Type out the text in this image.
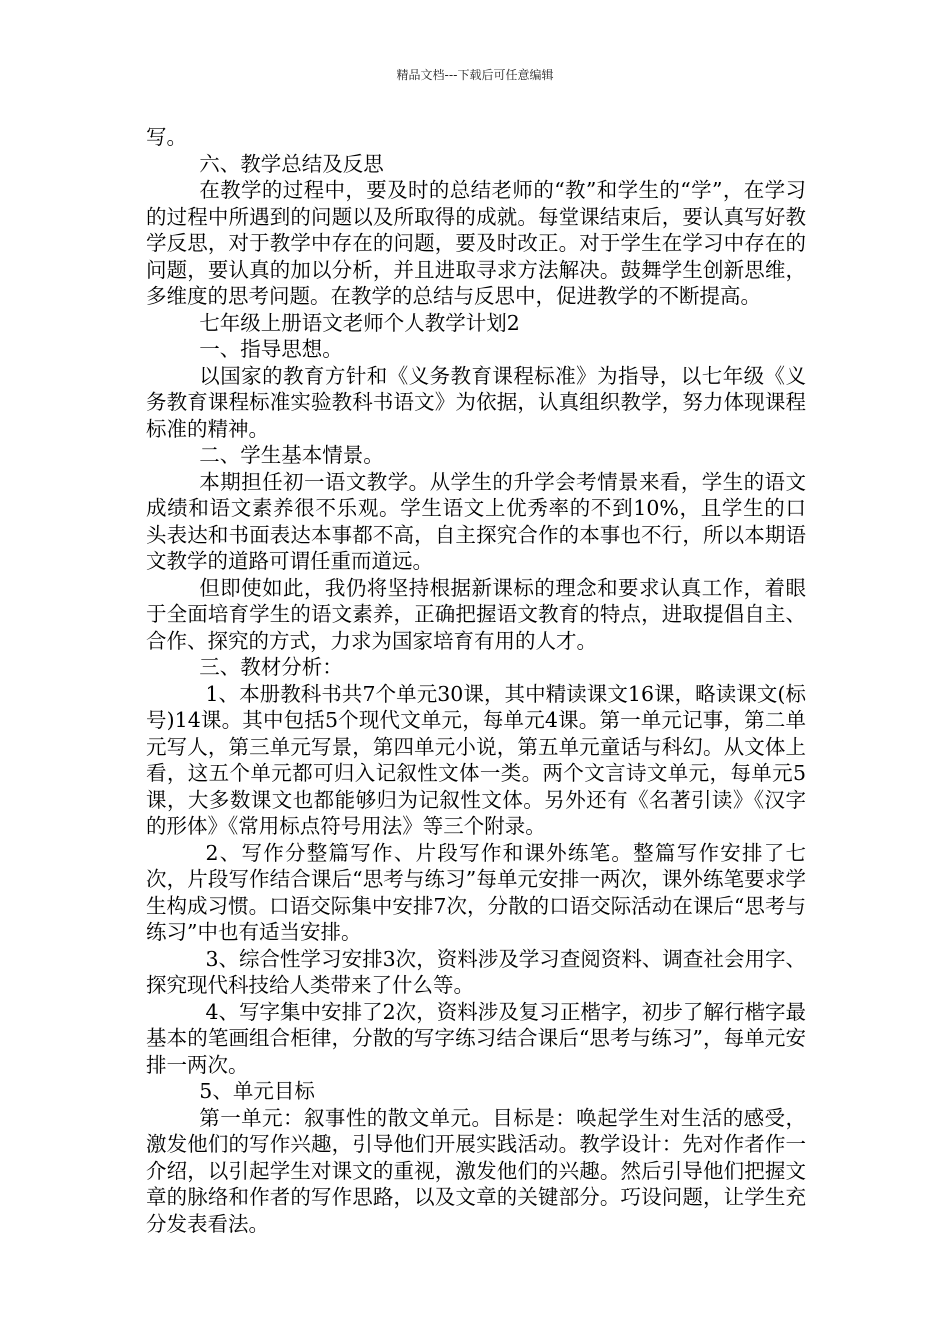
精品文档---下载后可任意编辑

写。

六、教学总结及反思

在教学的过程中，要及时的总结老师的“教”和学生的“学”，在学习的过程中所遇到的问题以及所取得的成就。每堂课结束后，要认真写好教学反思，对于教学中存在的问题，要及时改正。对于学生在学习中存在的问题，要认真的加以分析，并且进取寻求方法解决。鼓舞学生创新思维，多维度的思考问题。在教学的总结与反思中，促进教学的不断提高。

七年级上册语文老师个人教学计划2

一、指导思想。

以国家的教育方针和《义务教育课程标准》为指导，以七年级《义务教育课程标准实验教科书语文》为依据，认真组织教学，努力体现课程标准的精神。

二、学生基本情景。

本期担任初一语文教学。从学生的升学会考情景来看，学生的语文成绩和语文素养很不乐观。学生语文上优秀率的不到10%，且学生的口头表达和书面表达本事都不高，自主探究合作的本事也不行，所以本期语文教学的道路可谓任重而道远。

但即使如此，我仍将坚持根据新课标的理念和要求认真工作，着眼于全面培育学生的语文素养，正确把握语文教育的特点，进取提倡自主、合作、探究的方式，力求为国家培育有用的人才。

三、教材分析：

1、本册教科书共7个单元30课，其中精读课文16课，略读课文(标号)14课。其中包括5个现代文单元，每单元4课。第一单元记事，第二单元写人，第三单元写景，第四单元小说，第五单元童话与科幻。从文体上看，这五个单元都可归入记叙性文体一类。两个文言诗文单元，每单元5课，大多数课文也都能够归为记叙性文体。另外还有《名著引读》《汉字的形体》《常用标点符号用法》等三个附录。

2、写作分整篇写作、片段写作和课外练笔。整篇写作安排了七次，片段写作结合课后“思考与练习”每单元安排一两次，课外练笔要求学生构成习惯。口语交际集中安排7次，分散的口语交际活动在课后“思考与练习”中也有适当安排。

3、综合性学习安排3次，资料涉及学习查阅资料、调查社会用字、探究现代科技给人类带来了什么等。

4、写字集中安排了2次，资料涉及复习正楷字，初步了解行楷字最基本的笔画组合柜律，分散的写字练习结合课后“思考与练习”，每单元安排一两次。

5、单元目标

第一单元：叙事性的散文单元。目标是：唤起学生对生活的感受，激发他们的写作兴趣，引导他们开展实践活动。教学设计：先对作者作一介绍，以引起学生对课文的重视，激发他们的兴趣。然后引导他们把握文章的脉络和作者的写作思路，以及文章的关键部分。巧设问题，让学生充分发表看法。
